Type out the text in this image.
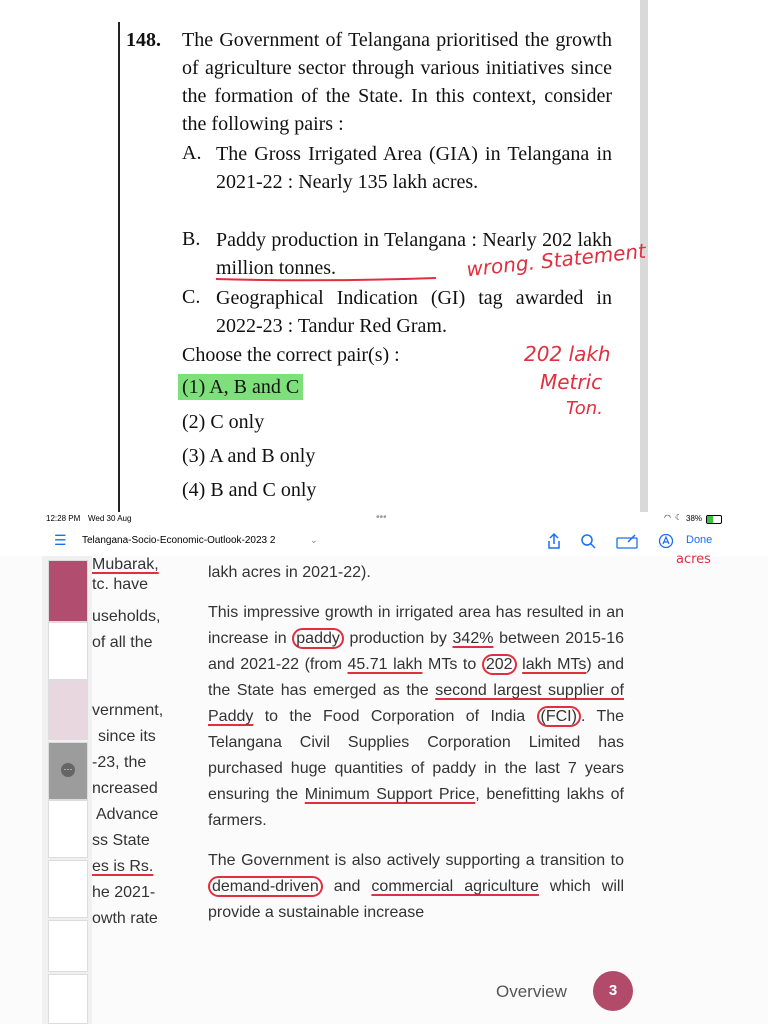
148. The Government of Telangana prioritised the growth of agriculture sector through various initiatives since the formation of the State. In this context, consider the following pairs :
A. The Gross Irrigated Area (GIA) in Telangana in 2021-22 : Nearly 135 lakh acres.
B. Paddy production in Telangana : Nearly 202 lakh million tonnes.
C. Geographical Indication (GI) tag awarded in 2022-23 : Tandur Red Gram.
Choose the correct pair(s) :
(1) A, B and C
(2) C only
(3) A and B only
(4) B and C only
wrong. Statement
202 lakh
Metric
Ton.
12:28 PM Wed 30 Aug	•••	◠ ☾ 38%
☰ Telangana-Socio-Economic-Outlook-2023 2	⌄	Done
···
Mubarak,
tc. have
useholds,
of all the
vernment,
since its
-23, the
ncreased
Advance
ss State
es is Rs.
he 2021-
owth rate
lakh acres in 2021-22).
acres
This impressive growth in irrigated area has resulted in an increase in paddy production by 342% between 2015-16 and 2021-22 (from 45.71 lakh MTs to 202 lakh MTs) and the State has emerged as the second largest supplier of Paddy to the Food Corporation of India (FCI) . The Telangana Civil Supplies Corporation Limited has purchased huge quantities of paddy in the last 7 years ensuring the Minimum Support Price, benefitting lakhs of farmers.
The Government is also actively supporting a transition to demand-driven and commercial agriculture which will provide a sustainable increase
Overview	3
